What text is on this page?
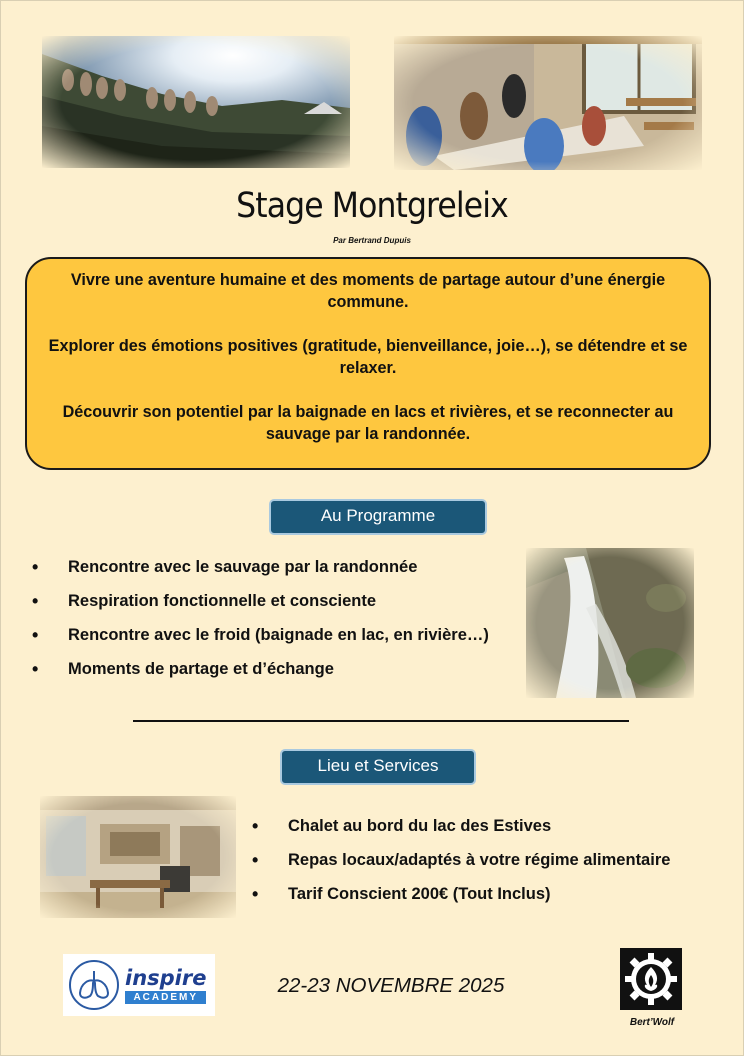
Stage Montgreleix
Par Bertrand Dupuis

Vivre une aventure humaine et des moments de partage autour d’une énergie commune.

Explorer des émotions positives (gratitude, bienveillance, joie…), se détendre et se relaxer.

Découvrir son potentiel par la baignade en lacs et rivières, et se reconnecter au sauvage par la randonnée.

Au Programme
• Rencontre avec le sauvage par la randonnée
• Respiration fonctionnelle et consciente
• Rencontre avec le froid (baignade en lac, en rivière…)
• Moments de partage et d’échange
Lieu et Services
• Chalet au bord du lac des Estives
• Repas locaux/adaptés à votre régime alimentaire
• Tarif Conscient 200€ (Tout Inclus)
inspire
ACADEMY	22-23 NOVEMBRE 2025
Bert’Wolf
